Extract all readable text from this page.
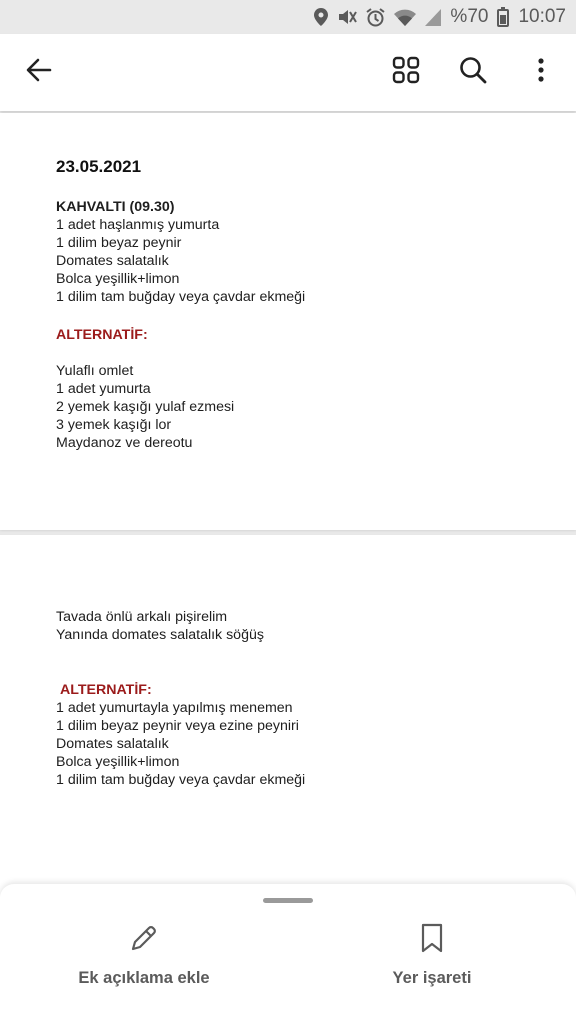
%70 10:07
23.05.2021
KAHVALTI (09.30)
1 adet haşlanmış yumurta
1 dilim beyaz peynir
Domates salatalık
Bolca yeşillik+limon
1 dilim tam buğday veya çavdar ekmeği
ALTERNATİF:
Yulaflı omlet
1 adet yumurta
2 yemek kaşığı yulaf ezmesi
3 yemek kaşığı lor
Maydanoz ve dereotu
Tavada önlü arkalı pişirelim
Yanında domates salatalık söğüş
ALTERNATİF:
1 adet yumurtayla yapılmış menemen
1 dilim beyaz peynir veya ezine peyniri
Domates salatalık
Bolca yeşillik+limon
1 dilim tam buğday veya çavdar ekmeği
Ek açıklama ekle	Yer işareti
